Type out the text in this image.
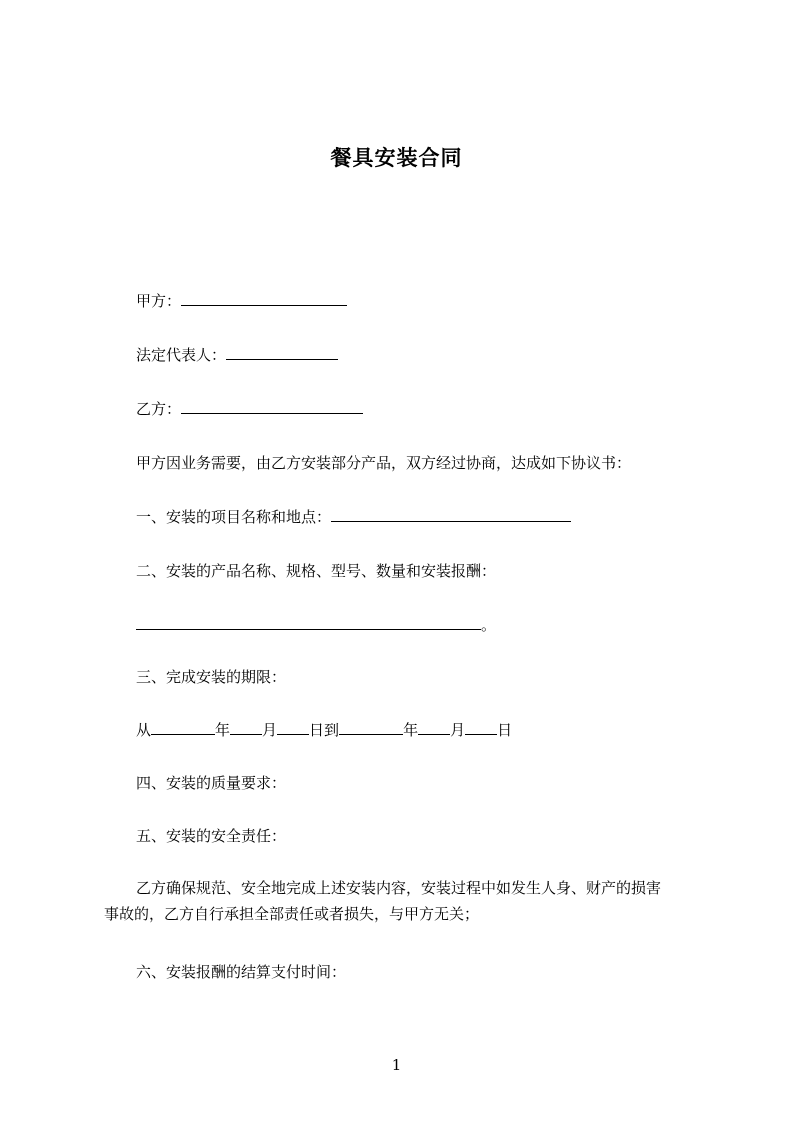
餐具安装合同
甲方：
法定代表人：
乙方：
甲方因业务需要，由乙方安装部分产品，双方经过协商，达成如下协议书：
一、安装的项目名称和地点：
二、安装的产品名称、规格、型号、数量和安装报酬：
。
三、完成安装的期限：
从	年 月 日到	年 月 日
四、安装的质量要求：
五、安装的安全责任：
乙方确保规范、安全地完成上述安装内容，安装过程中如发生人身、财产的损害
事故的，乙方自行承担全部责任或者损失，与甲方无关；
六、安装报酬的结算支付时间：
1
